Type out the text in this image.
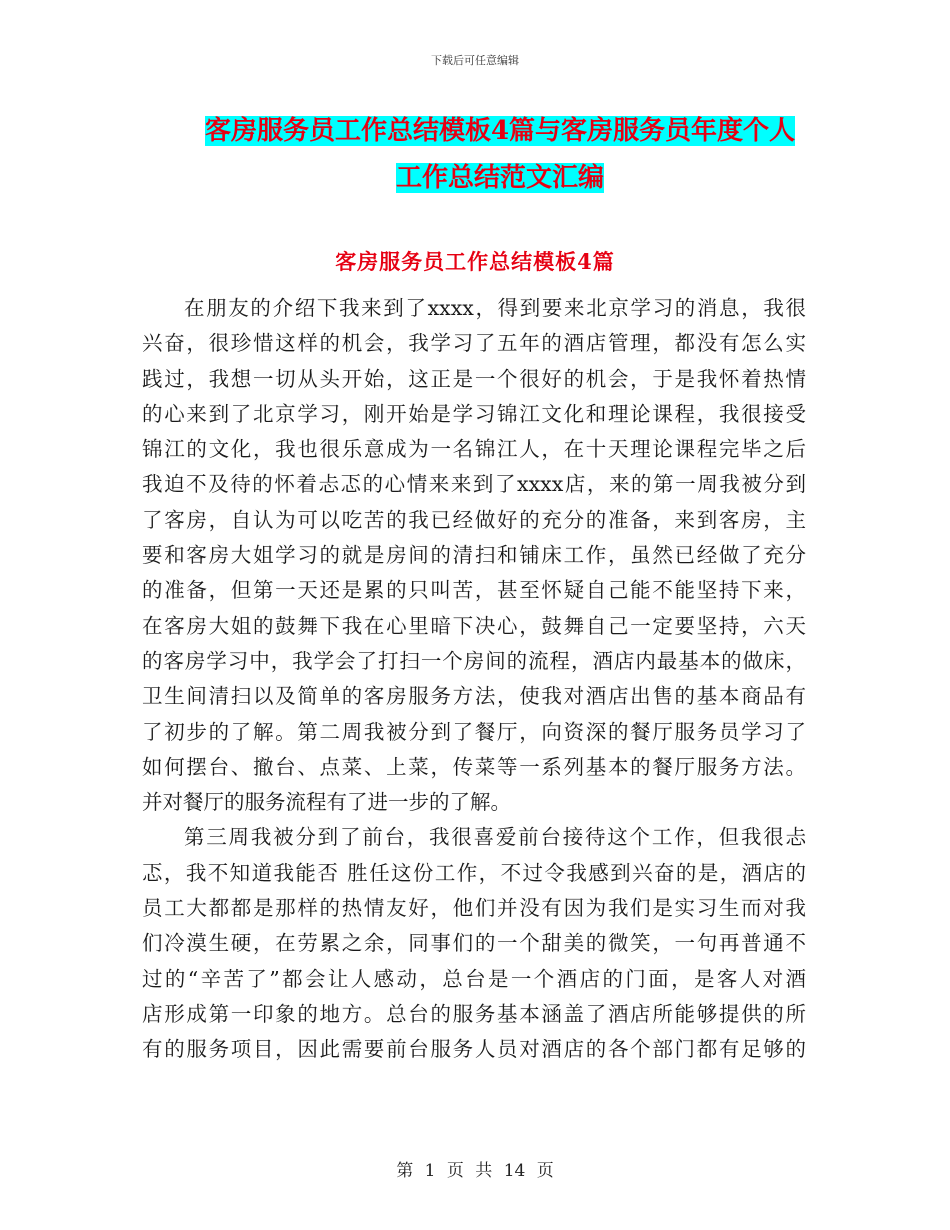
下载后可任意编辑
客房服务员工作总结模板4篇与客房服务员年度个人
工作总结范文汇编
客房服务员工作总结模板4篇
在朋友的介绍下我来到了xxxx，得到要来北京学习的消息，我很
兴奋，很珍惜这样的机会，我学习了五年的酒店管理，都没有怎么实
践过，我想一切从头开始，这正是一个很好的机会，于是我怀着热情
的心来到了北京学习，刚开始是学习锦江文化和理论课程，我很接受
锦江的文化，我也很乐意成为一名锦江人，在十天理论课程完毕之后
我迫不及待的怀着忐忑的心情来来到了xxxx店，来的第一周我被分到
了客房，自认为可以吃苦的我已经做好的充分的准备，来到客房，主
要和客房大姐学习的就是房间的清扫和铺床工作，虽然已经做了充分
的准备，但第一天还是累的只叫苦，甚至怀疑自己能不能坚持下来，
在客房大姐的鼓舞下我在心里暗下决心，鼓舞自己一定要坚持，六天
的客房学习中，我学会了打扫一个房间的流程，酒店内最基本的做床，
卫生间清扫以及简单的客房服务方法，使我对酒店出售的基本商品有
了初步的了解。第二周我被分到了餐厅，向资深的餐厅服务员学习了
如何摆台、撤台、点菜、上菜，传菜等一系列基本的餐厅服务方法。
并对餐厅的服务流程有了进一步的了解。
第三周我被分到了前台，我很喜爱前台接待这个工作，但我很忐
忑，我不知道我能否 胜任这份工作，不过令我感到兴奋的是，酒店的
员工大都都是那样的热情友好，他们并没有因为我们是实习生而对我
们冷漠生硬，在劳累之余，同事们的一个甜美的微笑，一句再普通不
过的“辛苦了”都会让人感动，总台是一个酒店的门面，是客人对酒
店形成第一印象的地方。总台的服务基本涵盖了酒店所能够提供的所
有的服务项目，因此需要前台服务人员对酒店的各个部门都有足够的
第 1 页 共 14 页
